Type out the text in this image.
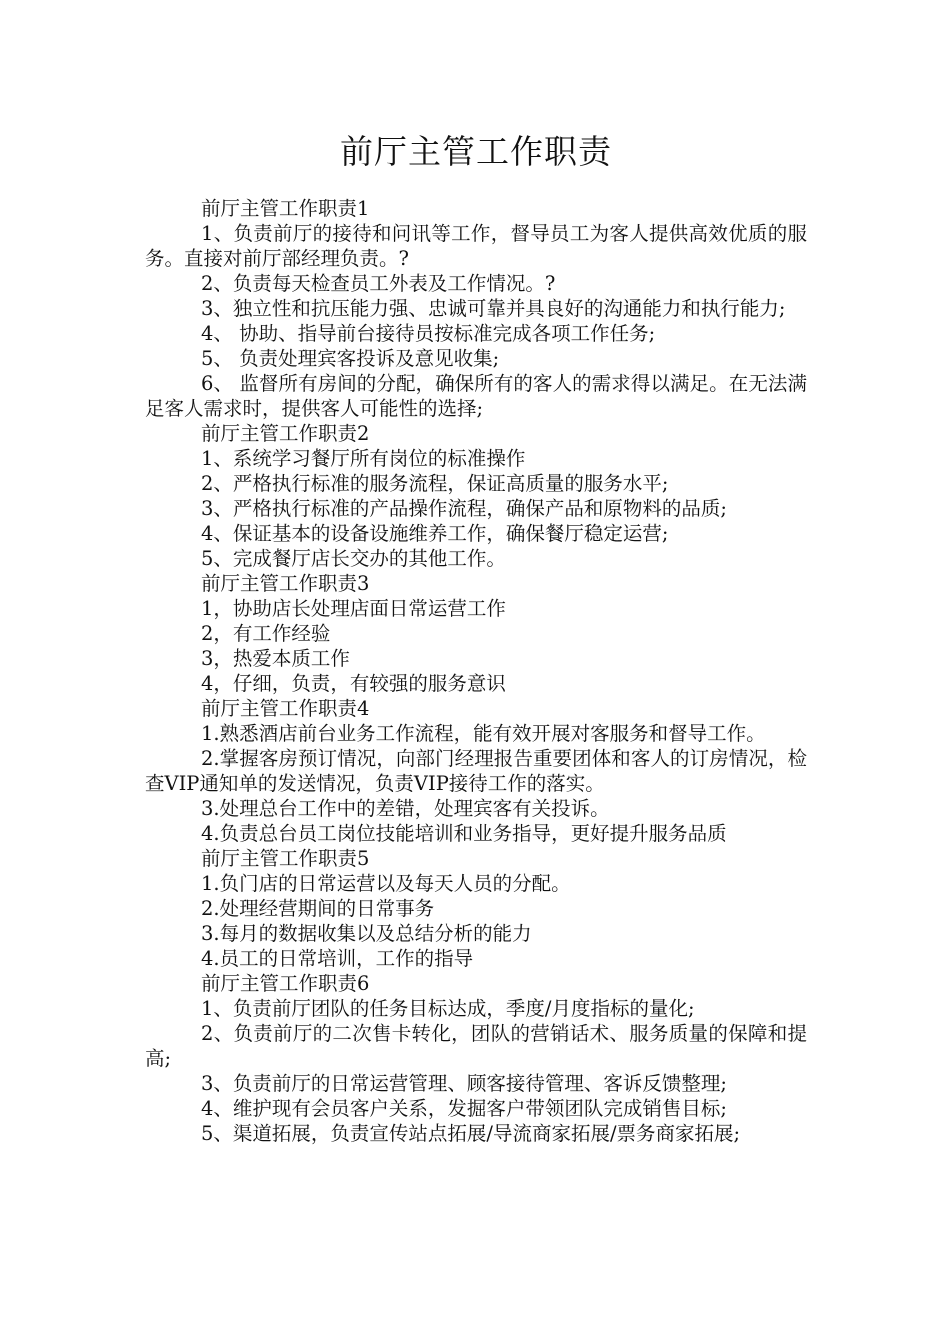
前厅主管工作职责

前厅主管工作职责1

1、负责前厅的接待和问讯等工作，督导员工为客人提供高效优质的服务。直接对前厅部经理负责。?

2、负责每天检查员工外表及工作情况。?

3、独立性和抗压能力强、忠诚可靠并具良好的沟通能力和执行能力;

4、 协助、指导前台接待员按标准完成各项工作任务;

5、 负责处理宾客投诉及意见收集;

6、 监督所有房间的分配，确保所有的客人的需求得以满足。在无法满足客人需求时，提供客人可能性的选择;

前厅主管工作职责2

1、系统学习餐厅所有岗位的标准操作

2、严格执行标准的服务流程，保证高质量的服务水平;

3、严格执行标准的产品操作流程，确保产品和原物料的品质;

4、保证基本的设备设施维养工作，确保餐厅稳定运营;

5、完成餐厅店长交办的其他工作。

前厅主管工作职责3

1，协助店长处理店面日常运营工作

2，有工作经验

3，热爱本质工作

4，仔细，负责，有较强的服务意识

前厅主管工作职责4

1.熟悉酒店前台业务工作流程，能有效开展对客服务和督导工作。

2.掌握客房预订情况，向部门经理报告重要团体和客人的订房情况，检查VIP通知单的发送情况，负责VIP接待工作的落实。

3.处理总台工作中的差错，处理宾客有关投诉。

4.负责总台员工岗位技能培训和业务指导，更好提升服务品质

前厅主管工作职责5

1.负门店的日常运营以及每天人员的分配。

2.处理经营期间的日常事务

3.每月的数据收集以及总结分析的能力

4.员工的日常培训，工作的指导

前厅主管工作职责6

1、负责前厅团队的任务目标达成，季度/月度指标的量化;

2、负责前厅的二次售卡转化，团队的营销话术、服务质量的保障和提高;

3、负责前厅的日常运营管理、顾客接待管理、客诉反馈整理;

4、维护现有会员客户关系，发掘客户带领团队完成销售目标;

5、渠道拓展，负责宣传站点拓展/导流商家拓展/票务商家拓展;
